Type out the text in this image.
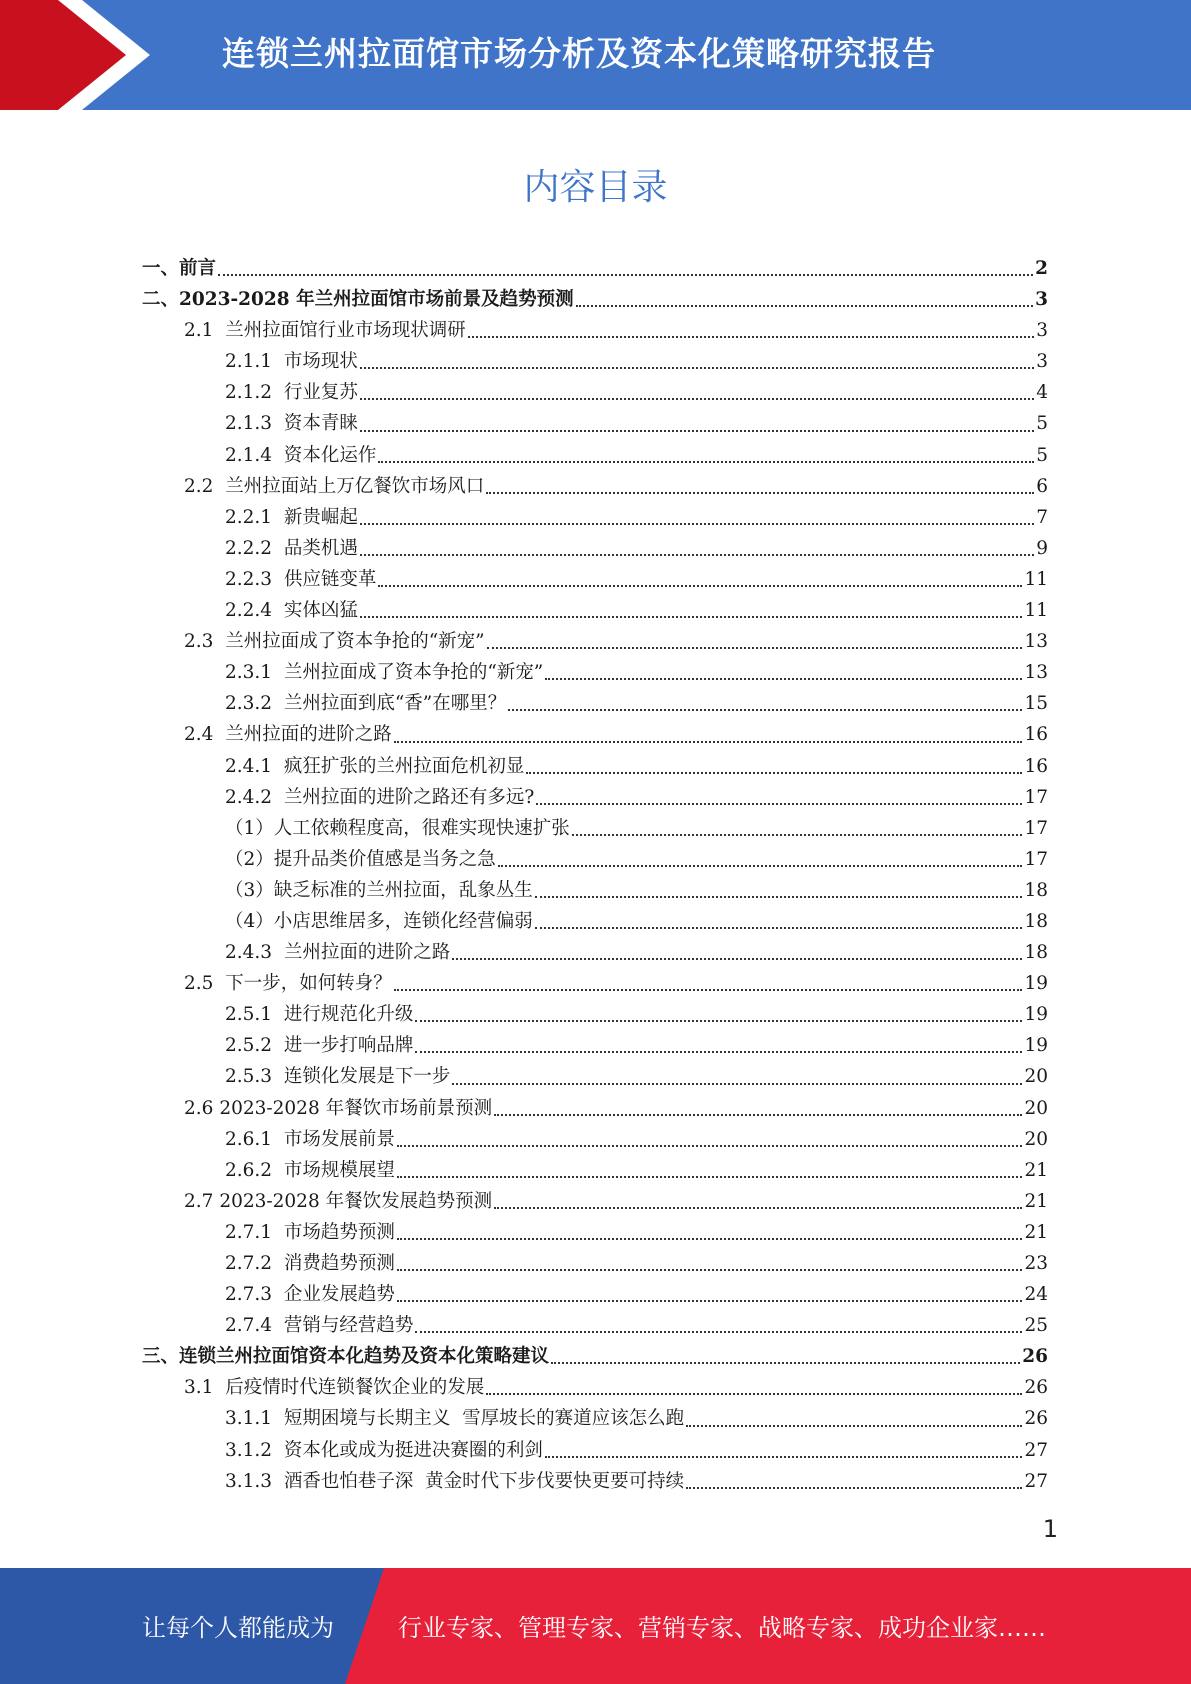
连锁兰州拉面馆市场分析及资本化策略研究报告
内容目录
一、 前言	2
二、 2023-2028 年兰州拉面馆市场前景及趋势预测	3
2.1 兰州拉面馆行业市场现状调研	3
2.1.1 市场现状	3
2.1.2 行业复苏	4
2.1.3 资本青睐	5
2.1.4 资本化运作	5
2.2 兰州拉面站上万亿餐饮市场风口	6
2.2.1 新贵崛起	7
2.2.2 品类机遇	9
2.2.3 供应链变革	11
2.2.4 实体凶猛	11
2.3 兰州拉面成了资本争抢的“新宠”	13
2.3.1 兰州拉面成了资本争抢的“新宠”	13
2.3.2 兰州拉面到底“香”在哪里？	15
2.4 兰州拉面的进阶之路	16
2.4.1 疯狂扩张的兰州拉面危机初显	16
2.4.2 兰州拉面的进阶之路还有多远?	17
（1） 人工依赖程度高，很难实现快速扩张	17
（2） 提升品类价值感是当务之急	17
（3） 缺乏标准的兰州拉面，乱象丛生	18
（4） 小店思维居多，连锁化经营偏弱	18
2.4.3 兰州拉面的进阶之路	18
2.5 下一步，如何转身？	19
2.5.1 进行规范化升级	19
2.5.2 进一步打响品牌	19
2.5.3 连锁化发展是下一步	20
2.6 2023-2028 年餐饮市场前景预测	20
2.6.1 市场发展前景	20
2.6.2 市场规模展望	21
2.7 2023-2028 年餐饮发展趋势预测	21
2.7.1 市场趋势预测	21
2.7.2 消费趋势预测	23
2.7.3 企业发展趋势	24
2.7.4 营销与经营趋势	25
三、 连锁兰州拉面馆资本化趋势及资本化策略建议	26
3.1 后疫情时代连锁餐饮企业的发展	26
3.1.1 短期困境与长期主义  雪厚坡长的赛道应该怎么跑	26
3.1.2 资本化或成为挺进决赛圈的利剑	27
3.1.3 酒香也怕巷子深  黄金时代下步伐要快更要可持续	27
1
让每个人都能成为	行业专家、管理专家、营销专家、战略专家、成功企业家……
